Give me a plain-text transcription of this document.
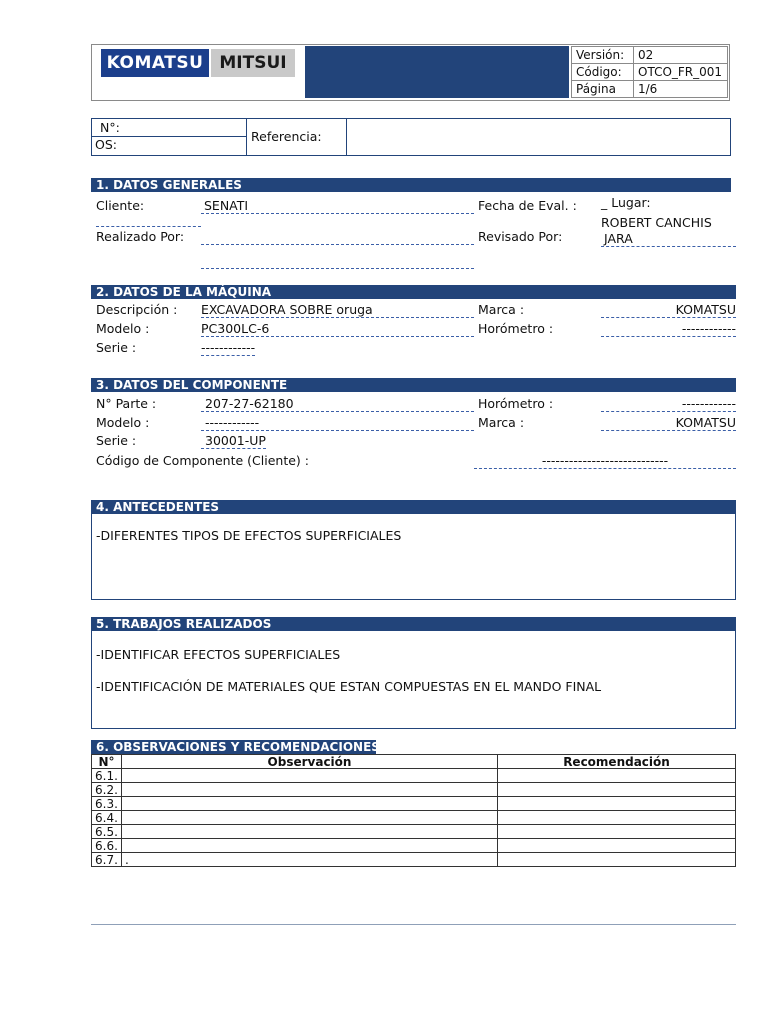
KOMATSU MITSUI	Versión:	02
Código:	OTCO_FR_001
Página	1/6
N°:
OS:
Referencia:
1. DATOS GENERALES
Cliente:	SENATI	Fecha de Eval. : _ Lugar:
Realizado Por:	Revisado Por:
ROBERT CANCHIS
JARA
2. DATOS DE LA MÁQUINA
Descripción : EXCAVADORA SOBRE oruga	Marca :	KOMATSU
Modelo :	PC300LC-6	Horómetro :	------------
Serie :	------------
3. DATOS DEL COMPONENTE
N° Parte :	207-27-62180	Horómetro :	------------
Modelo :	------------	Marca :	KOMATSU
Serie :	30001-UP
Código de Componente (Cliente) :	----------------------------
4. ANTECEDENTES
-DIFERENTES TIPOS DE EFECTOS SUPERFICIALES
5. TRABAJOS REALIZADOS
-IDENTIFICAR EFECTOS SUPERFICIALES
-IDENTIFICACIÓN DE MATERIALES QUE ESTAN COMPUESTAS EN EL MANDO FINAL
6. OBSERVACIONES Y RECOMENDACIONES
N°	Observación	Recomendación
6.1.		
6.2.		
6.3.		
6.4.		
6.5.		
6.6.		
6.7.	.	
